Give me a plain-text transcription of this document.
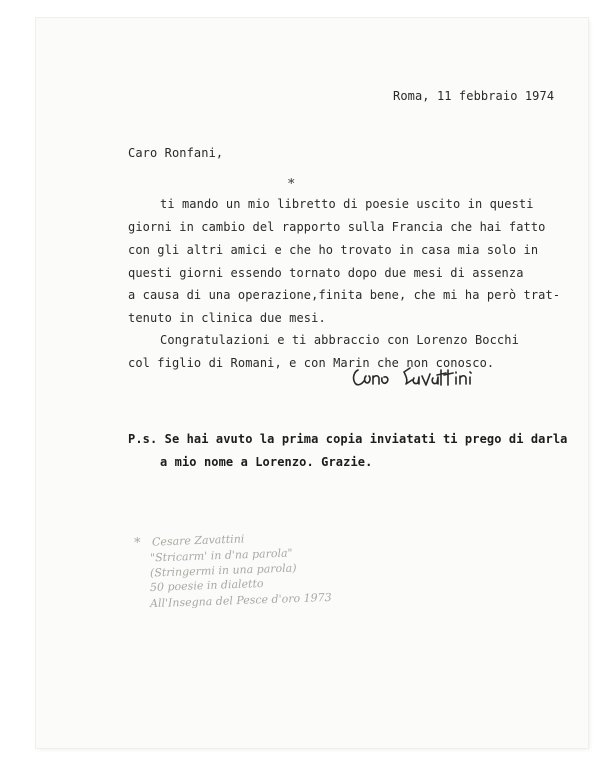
Roma, 11 febbraio 1974
Caro Ronfani,
*
ti mando un mio libretto di poesie uscito in questi
giorni in cambio del rapporto sulla Francia che hai fatto
con gli altri amici e che ho trovato in casa mia solo in
questi giorni essendo tornato dopo due mesi di assenza
a causa di una operazione,finita bene, che mi ha però trat-
tenuto in clinica due mesi.
Congratulazioni e ti abbraccio con Lorenzo Bocchi
col figlio di Romani, e con Marin che non conosco.
P.s. Se hai avuto la prima copia inviatati ti prego di darla
a mio nome a Lorenzo. Grazie.
* Cesare Zavattini
"Stricarm' in d'na parola"
(Stringermi in una parola)
50 poesie in dialetto
All'Insegna del Pesce d'oro 1973
